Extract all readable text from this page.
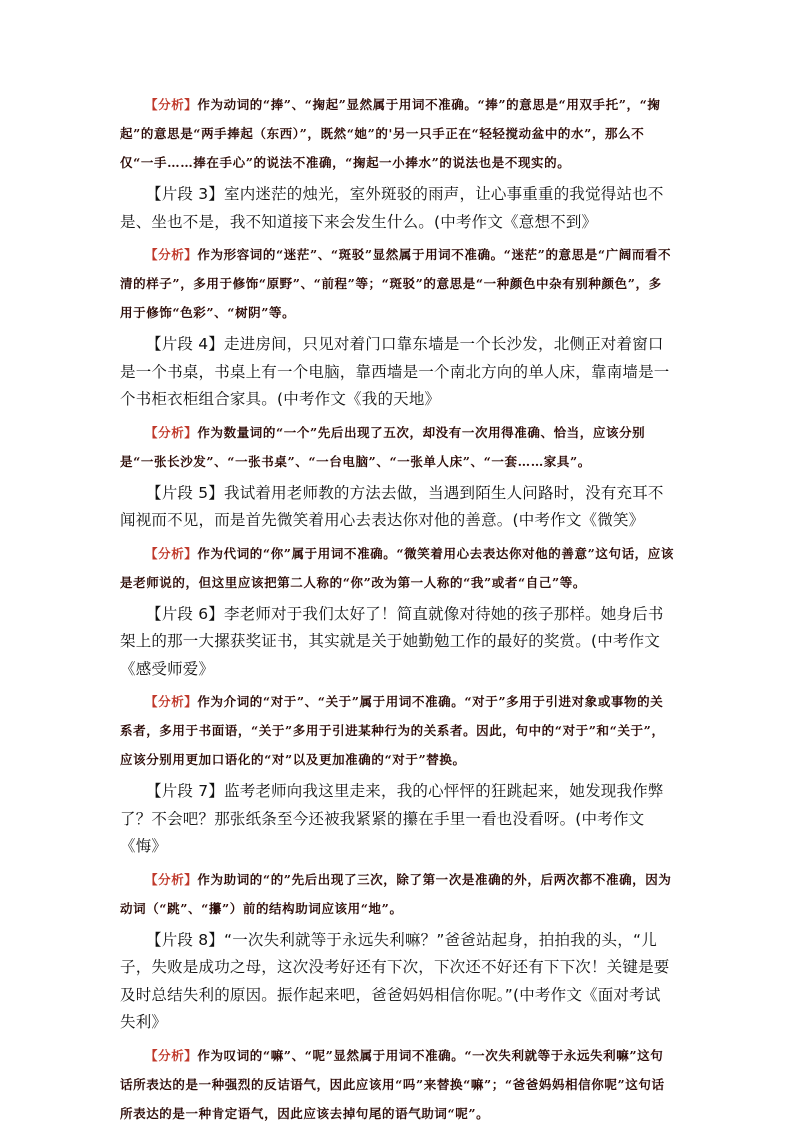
【分析】作为动词的“捧”、“掬起”显然属于用词不准确。“捧”的意思是“用双手托”，“掬起”的意思是“两手捧起（东西）”，既然“她”的'另一只手正在“轻轻搅动盆中的水”，那么不仅“一手……捧在手心”的说法不准确，“掬起一小捧水”的说法也是不现实的。

【片段 3】室内迷茫的烛光，室外斑驳的雨声，让心事重重的我觉得站也不是、坐也不是，我不知道接下来会发生什么。(中考作文《意想不到》

【分析】作为形容词的“迷茫”、“斑驳”显然属于用词不准确。“迷茫”的意思是“广阔而看不清的样子”，多用于修饰“原野”、“前程”等；“斑驳”的意思是“一种颜色中杂有别种颜色”，多用于修饰“色彩”、“树阴”等。

【片段 4】走进房间，只见对着门口靠东墙是一个长沙发，北侧正对着窗口是一个书桌，书桌上有一个电脑，靠西墙是一个南北方向的单人床，靠南墙是一个书柜衣柜组合家具。(中考作文《我的天地》

【分析】作为数量词的“一个”先后出现了五次，却没有一次用得准确、恰当，应该分别是“一张长沙发”、“一张书桌”、“一台电脑”、“一张单人床”、“一套……家具”。

【片段 5】我试着用老师教的方法去做，当遇到陌生人问路时，没有充耳不闻视而不见，而是首先微笑着用心去表达你对他的善意。(中考作文《微笑》

【分析】作为代词的“你”属于用词不准确。“微笑着用心去表达你对他的善意”这句话，应该是老师说的，但这里应该把第二人称的“你”改为第一人称的“我”或者“自己”等。

【片段 6】李老师对于我们太好了！简直就像对待她的孩子那样。她身后书架上的那一大摞获奖证书，其实就是关于她勤勉工作的最好的奖赏。(中考作文《感受师爱》

【分析】作为介词的“对于”、“关于”属于用词不准确。“对于”多用于引进对象或事物的关系者，多用于书面语，“关于”多用于引进某种行为的关系者。因此，句中的“对于”和“关于”，应该分别用更加口语化的“对”以及更加准确的“对于”替换。

【片段 7】监考老师向我这里走来，我的心怦怦的狂跳起来，她发现我作弊了？不会吧？那张纸条至今还被我紧紧的攥在手里一看也没看呀。(中考作文《悔》

【分析】作为助词的“的”先后出现了三次，除了第一次是准确的外，后两次都不准确，因为动词（“跳”、“攥”）前的结构助词应该用“地”。

【片段 8】“一次失利就等于永远失利嘛？”爸爸站起身，拍拍我的头，“儿子，失败是成功之母，这次没考好还有下次，下次还不好还有下下次！关键是要及时总结失利的原因。振作起来吧，爸爸妈妈相信你呢。”(中考作文《面对考试失利》

【分析】作为叹词的“嘛”、“呢”显然属于用词不准确。“一次失利就等于永远失利嘛”这句话所表达的是一种强烈的反诘语气，因此应该用“吗”来替换“嘛”；“爸爸妈妈相信你呢”这句话所表达的是一种肯定语气，因此应该去掉句尾的语气助词“呢”。
